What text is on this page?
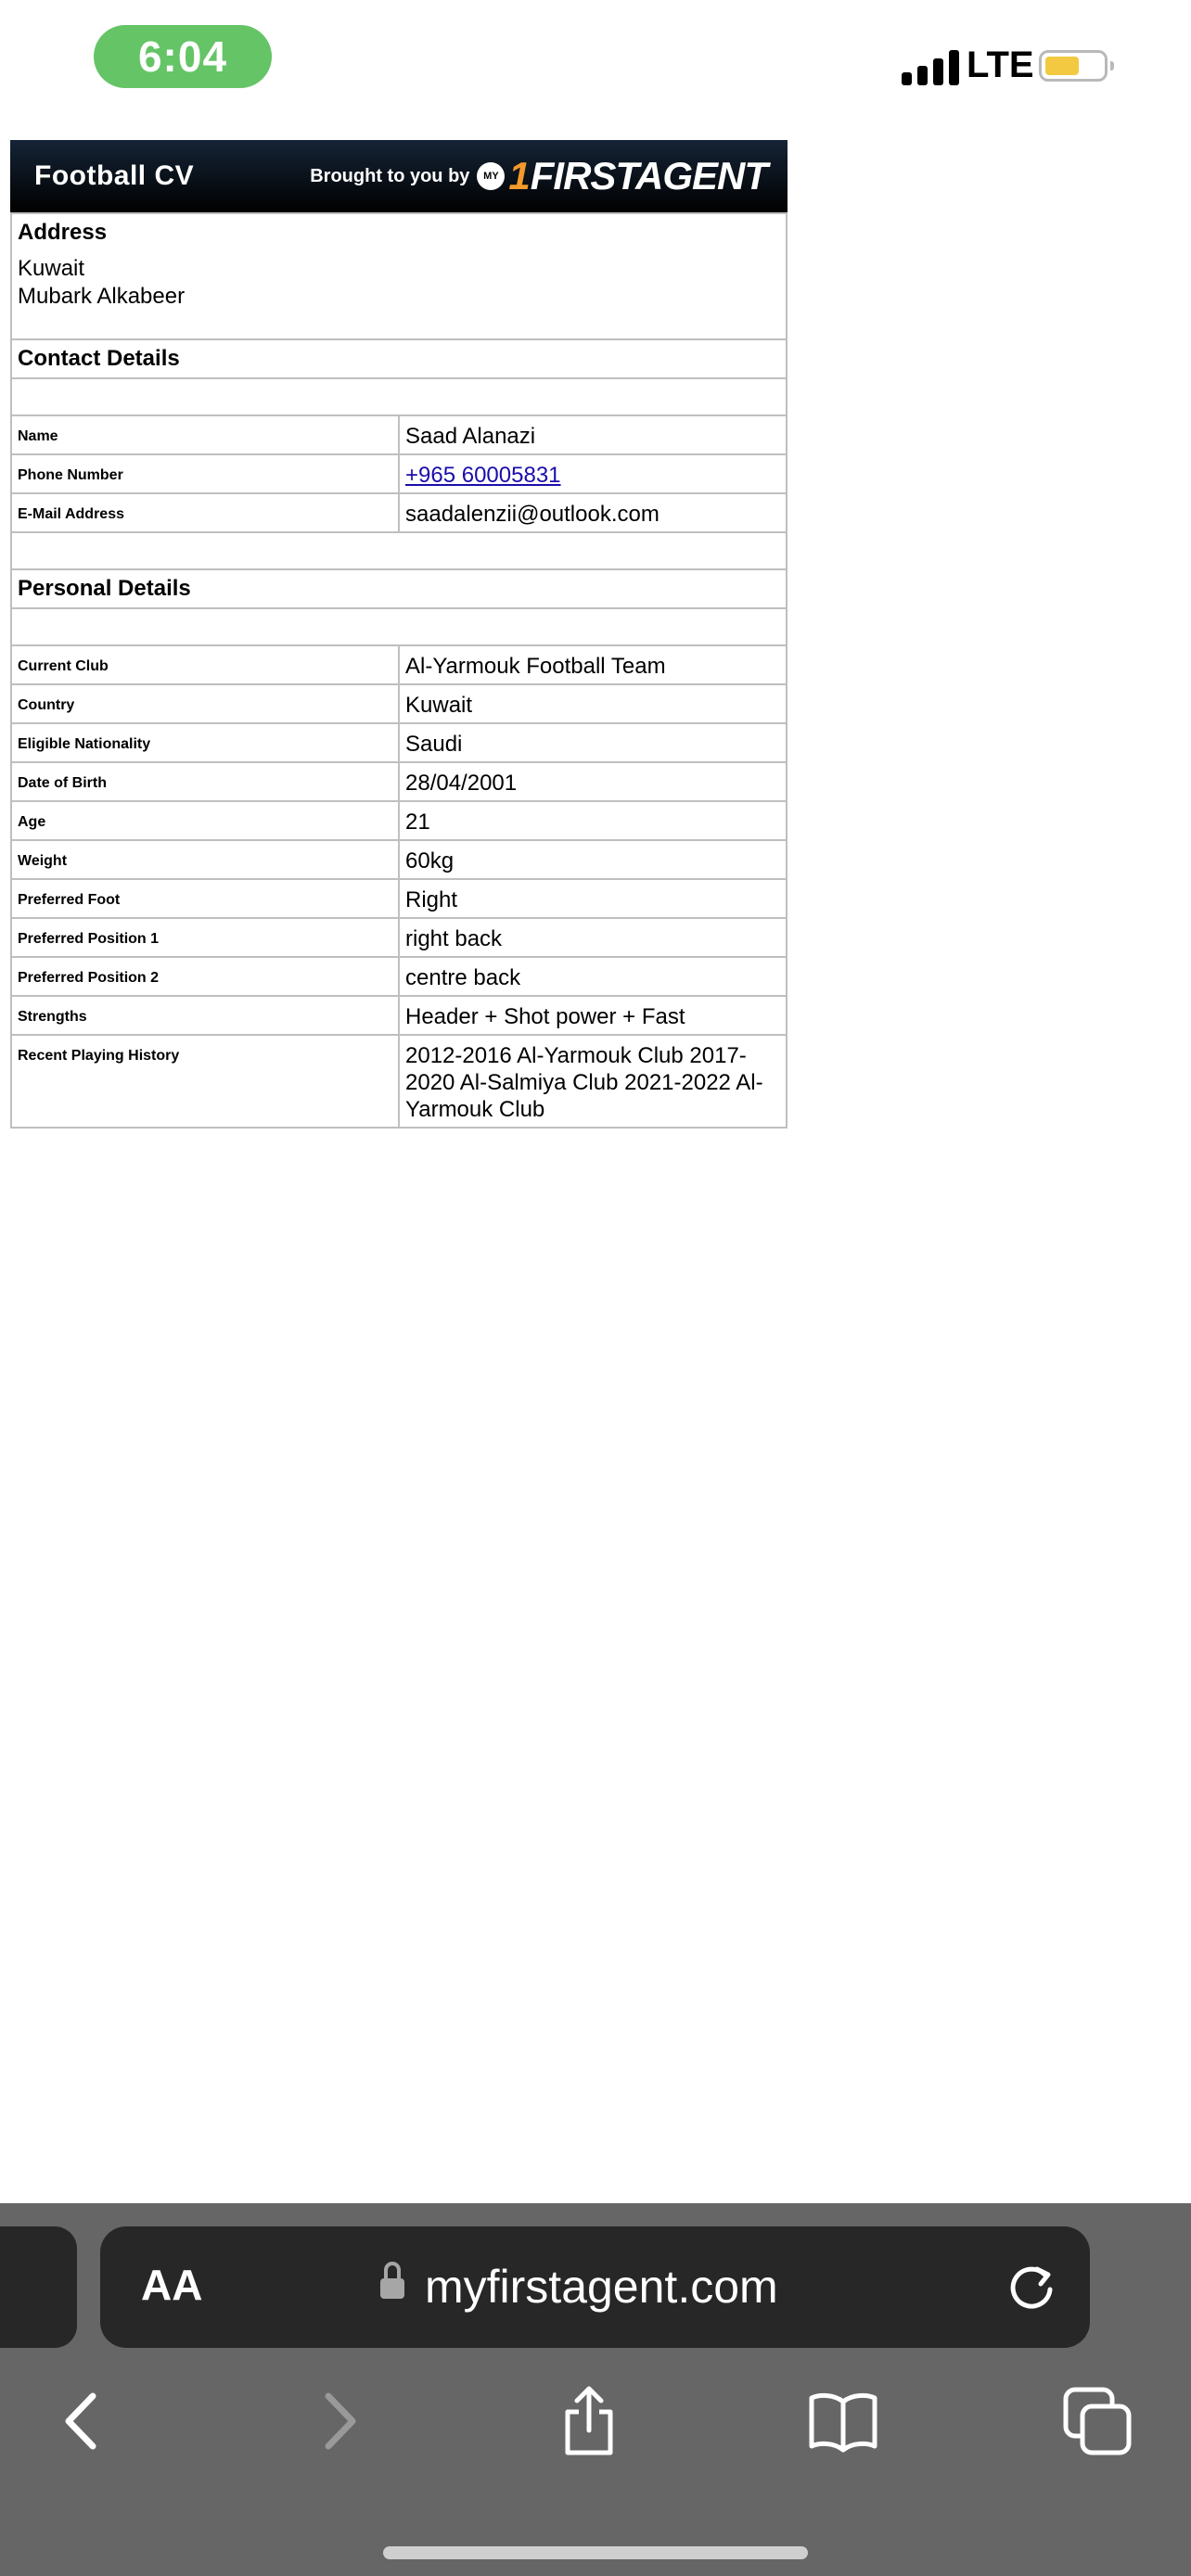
6:04	LTE
Football CV	Brought to you by	MY 1 FIRSTAGENT
Address
Kuwait
Mubark Alkabeer	

Contact Details	

Name	Saad Alanazi
Phone Number	+965 60005831
E-Mail Address	saadalenzii@outlook.com

Personal Details	

Current Club	Al-Yarmouk Football Team
Country	Kuwait
Eligible Nationality	Saudi
Date of Birth	28/04/2001
Age	21
Weight	60kg
Preferred Foot	Right
Preferred Position 1	right back
Preferred Position 2	centre back
Strengths	Header + Shot power + Fast
Recent Playing History	2012-2016 Al-Yarmouk Club 2017-2020 Al-Salmiya Club 2021-2022 Al-Yarmouk Club
AA	myfirstagent.com
